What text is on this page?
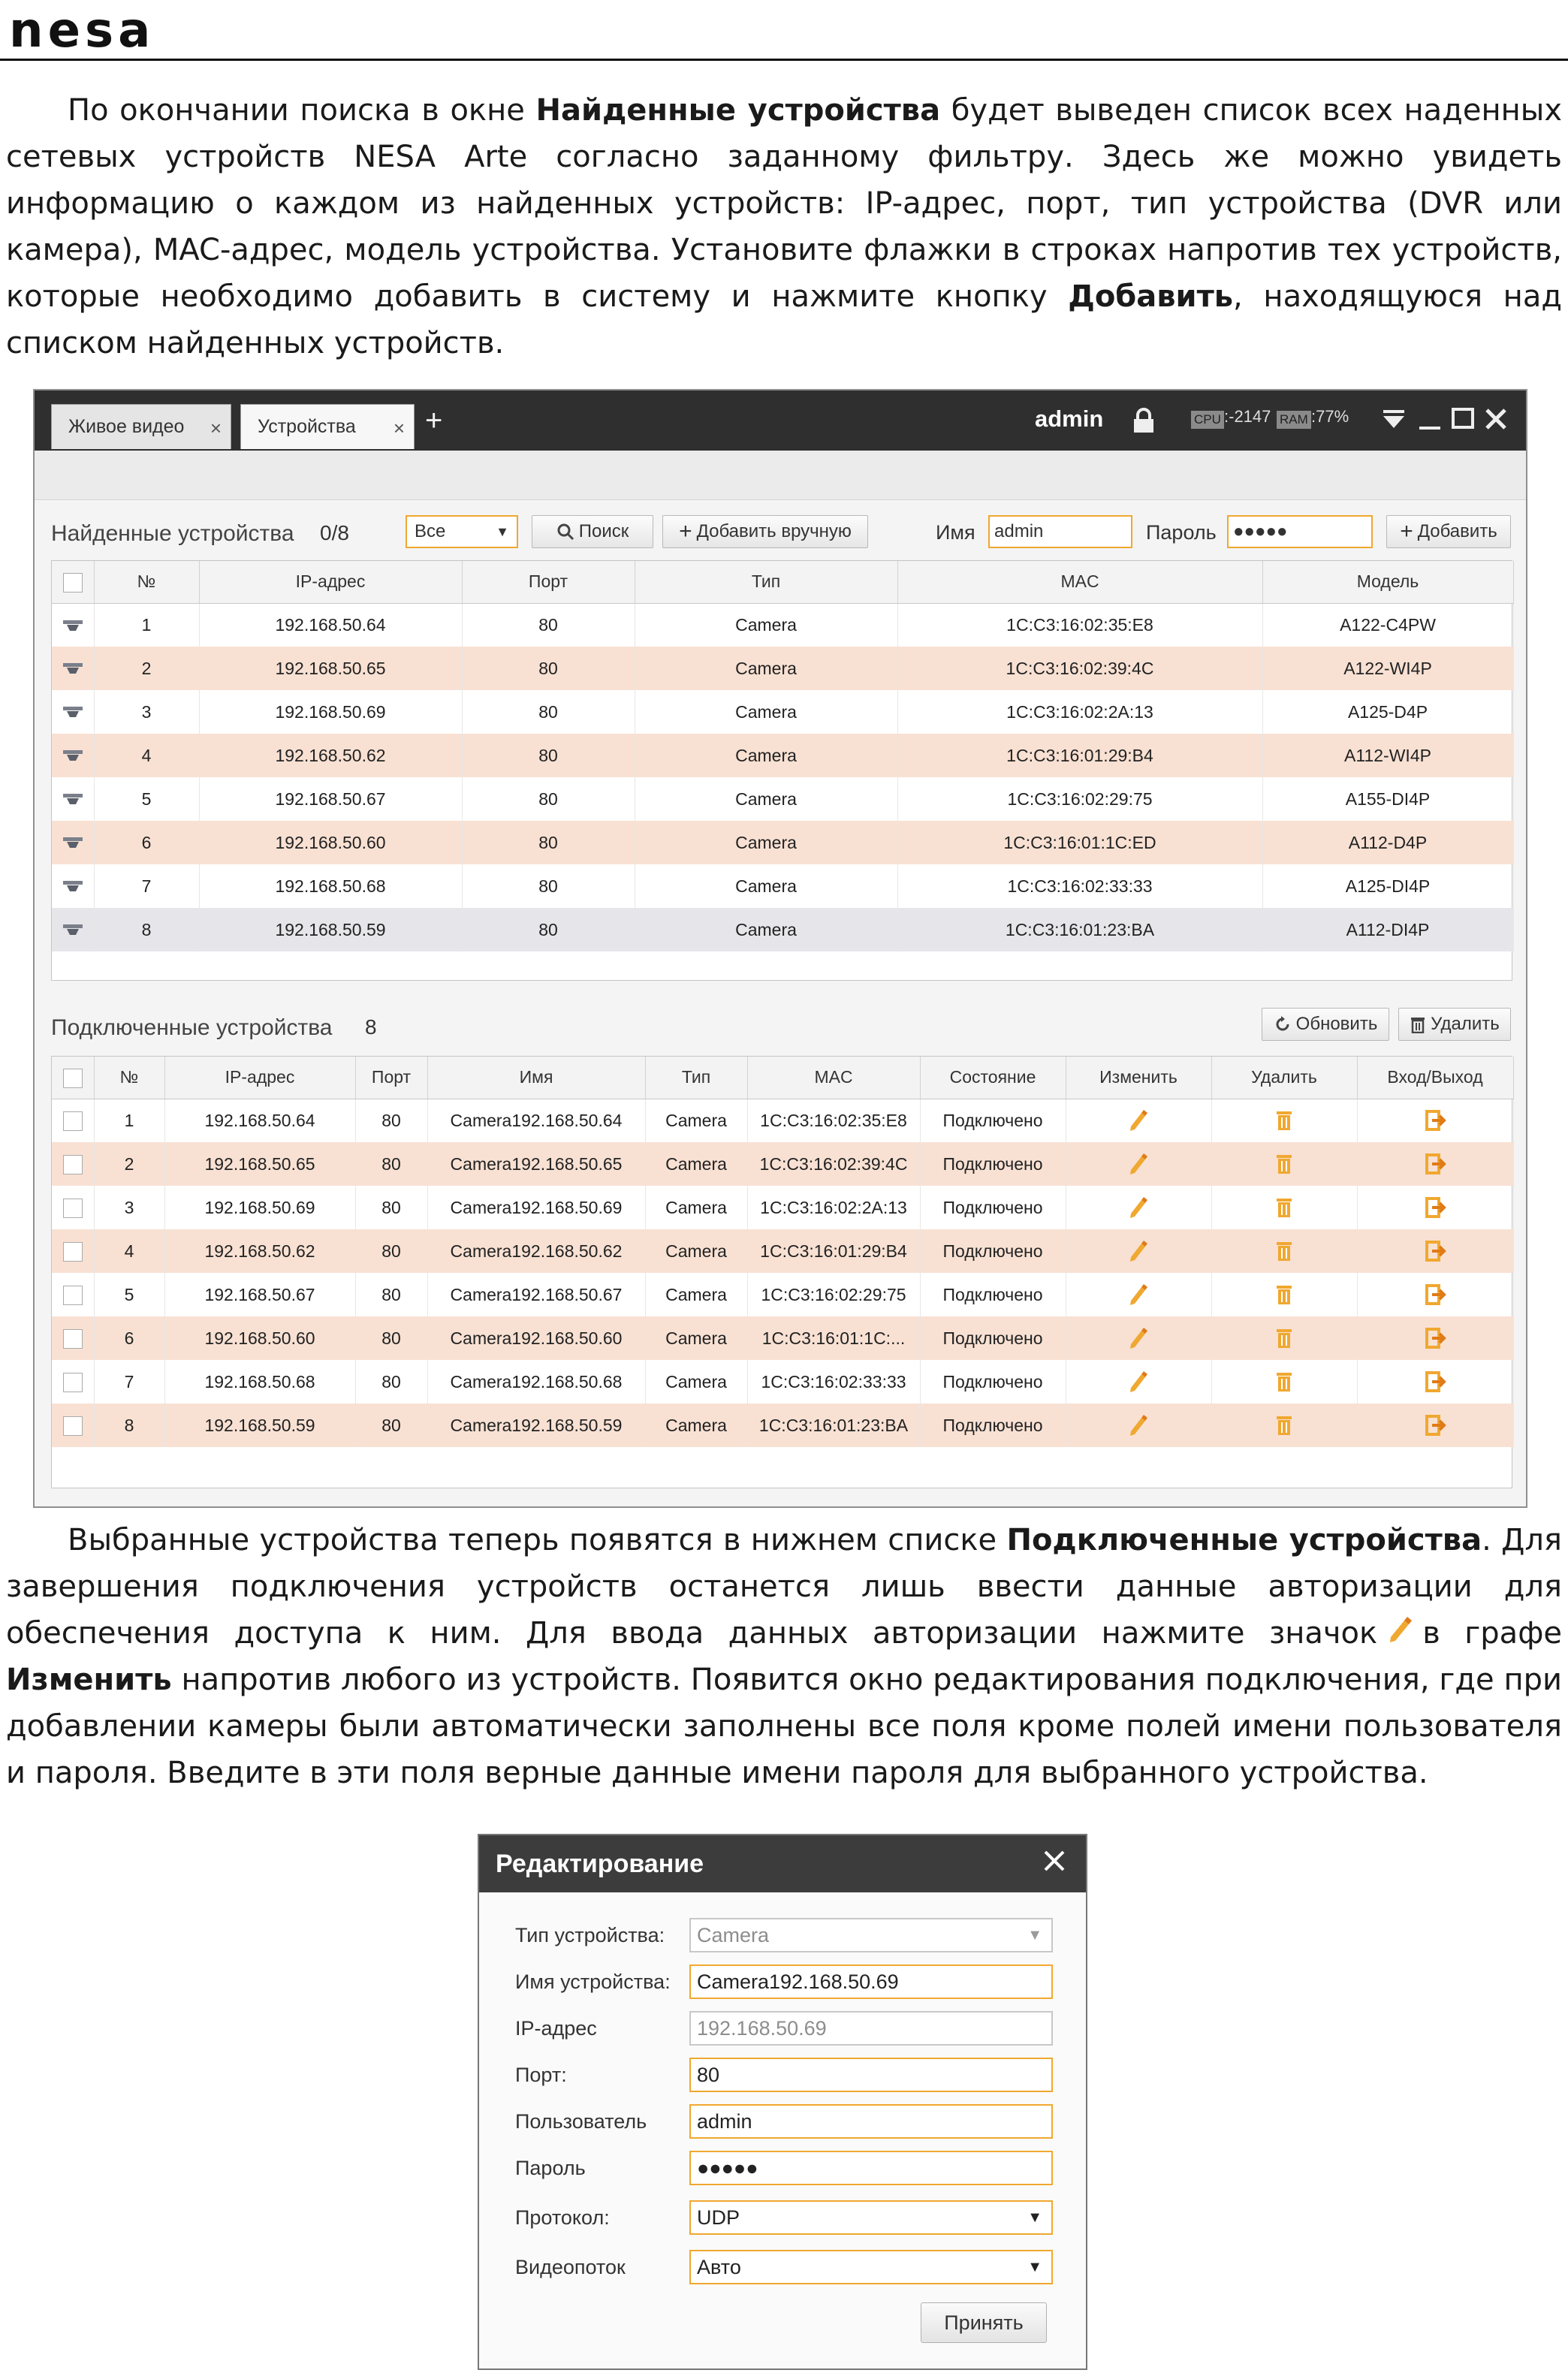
nesa

По окончании поиска в окне Найденные устройства будет выведен список всех наденных сетевых устройств NESA Arte согласно заданному фильтру. Здесь же можно увидеть информацию о каждом из найденных устройств: IP-адрес, порт, тип устройства (DVR или камера), MAC-адрес, модель устройства. Установите флажки в строках напротив тех устройств, которые необходимо добавить в систему и нажмите кнопку Добавить, находящуюся над списком найденных устройств.

Живое видео × Устройства × +	admin	CPU :-2147 RAM :77%
Найденные устройства 0/8	Все	▼	Поиск + Добавить вручную	Имя	admin	Пароль ●●●●●	+ Добавить
	№	IP-адрес	Порт	Тип	MAC	Модель
	1	192.168.50.64	80	Camera	1C:C3:16:02:35:E8	A122-C4PW
	2	192.168.50.65	80	Camera	1C:C3:16:02:39:4C	A122-WI4P
	3	192.168.50.69	80	Camera	1C:C3:16:02:2A:13	A125-D4P
	4	192.168.50.62	80	Camera	1C:C3:16:01:29:B4	A112-WI4P
	5	192.168.50.67	80	Camera	1C:C3:16:02:29:75	A155-DI4P
	6	192.168.50.60	80	Camera	1C:C3:16:01:1C:ED	A112-D4P
	7	192.168.50.68	80	Camera	1C:C3:16:02:33:33	A125-DI4P
	8	192.168.50.59	80	Camera	1C:C3:16:01:23:BA	A112-DI4P
Подключенные устройства 8	Обновить	Удалить
	№	IP-адрес	Порт	Имя	Тип	MAC	Состояние	Изменить	Удалить	Вход/Выход
	1	192.168.50.64	80	Camera192.168.50.64	Camera	1C:C3:16:02:35:E8	Подключено			
	2	192.168.50.65	80	Camera192.168.50.65	Camera	1C:C3:16:02:39:4C	Подключено			
	3	192.168.50.69	80	Camera192.168.50.69	Camera	1C:C3:16:02:2A:13	Подключено			
	4	192.168.50.62	80	Camera192.168.50.62	Camera	1C:C3:16:01:29:B4	Подключено			
	5	192.168.50.67	80	Camera192.168.50.67	Camera	1C:C3:16:02:29:75	Подключено			
	6	192.168.50.60	80	Camera192.168.50.60	Camera	1C:C3:16:01:1C:...	Подключено			
	7	192.168.50.68	80	Camera192.168.50.68	Camera	1C:C3:16:02:33:33	Подключено			
	8	192.168.50.59	80	Camera192.168.50.59	Camera	1C:C3:16:01:23:BA	Подключено			

Выбранные устройства теперь появятся в нижнем списке Подключенные устройства. Для завершения подключения устройств останется лишь ввести данные авторизации для обеспечения доступа к ним. Для ввода данных авторизации нажмите значок в графе Изменить напротив любого из устройств. Появится окно редактирования подключения, где при добавлении камеры были автоматически заполнены все поля кроме полей имени пользователя и пароля. Введите в эти поля верные данные имени пароля для выбранного устройства.

Редактирование
Тип устройства:	Camera	▼
Имя устройства:	Camera192.168.50.69
IP-адрес	192.168.50.69
Порт:	80
Пользователь	admin
Пароль	●●●●●
Протокол:	UDP	▼
Видеопоток	Авто	▼
Принять
